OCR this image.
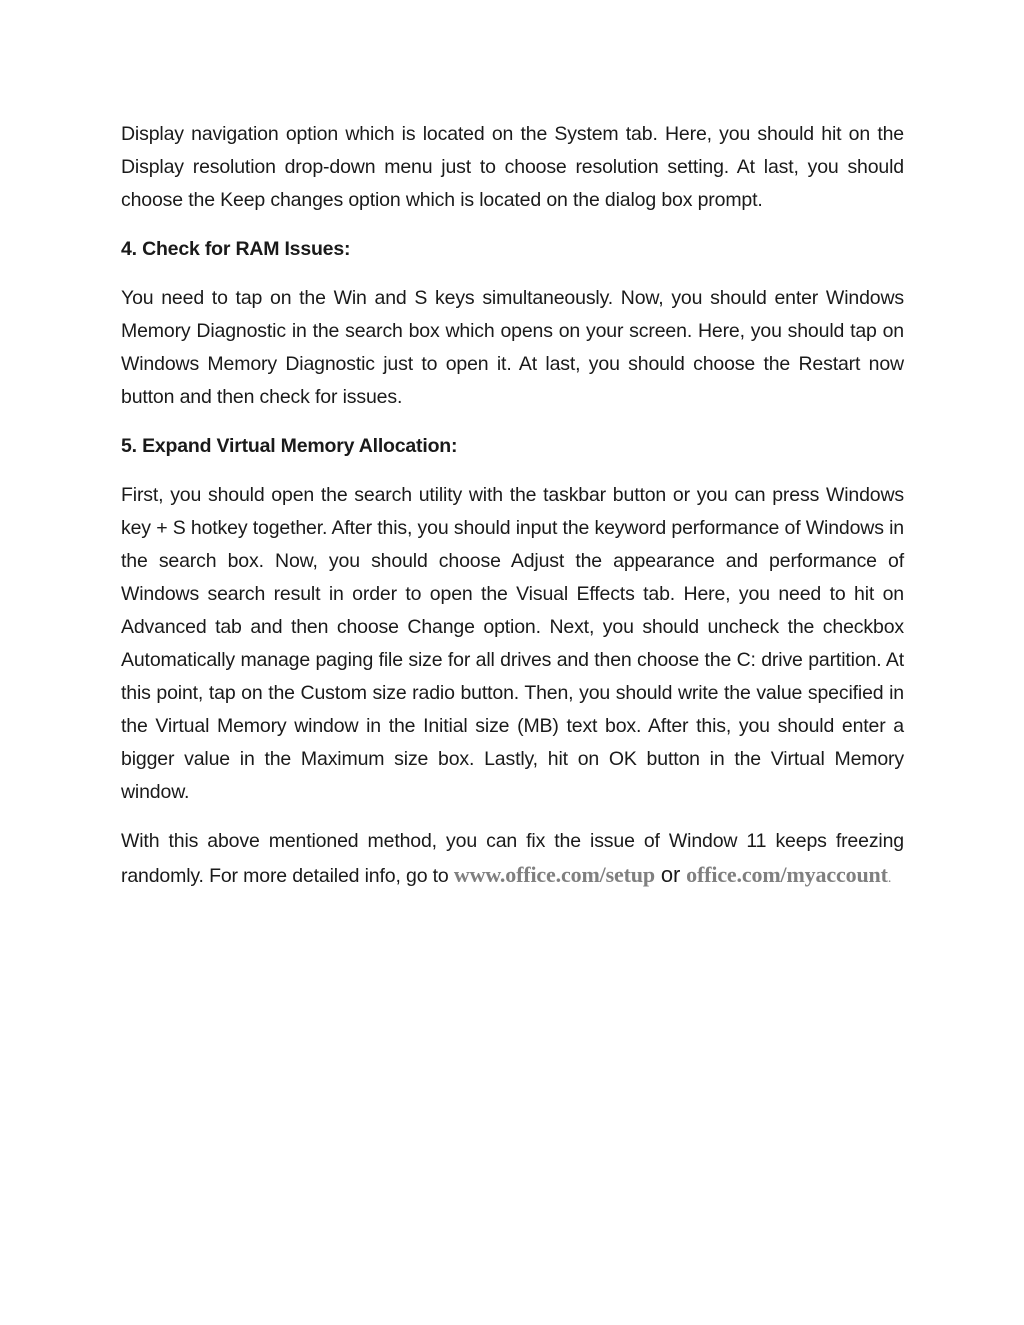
Display navigation option which is located on the System tab. Here, you should hit on the Display resolution drop-down menu just to choose resolution setting. At last, you should choose the Keep changes option which is located on the dialog box prompt.

4. Check for RAM Issues:

You need to tap on the Win and S keys simultaneously. Now, you should enter Windows Memory Diagnostic in the search box which opens on your screen. Here, you should tap on Windows Memory Diagnostic just to open it. At last, you should choose the Restart now button and then check for issues.

5. Expand Virtual Memory Allocation:

First, you should open the search utility with the taskbar button or you can press Windows key + S hotkey together. After this, you should input the keyword performance of Windows in the search box. Now, you should choose Adjust the appearance and performance of Windows search result in order to open the Visual Effects tab. Here, you need to hit on Advanced tab and then choose Change option. Next, you should uncheck the checkbox Automatically manage paging file size for all drives and then choose the C: drive partition. At this point, tap on the Custom size radio button. Then, you should write the value specified in the Virtual Memory window in the Initial size (MB) text box. After this, you should enter a bigger value in the Maximum size box. Lastly, hit on OK button in the Virtual Memory window.

With this above mentioned method, you can fix the issue of Window 11 keeps freezing randomly. For more detailed info, go to www.office.com/setup or office.com/myaccount.
